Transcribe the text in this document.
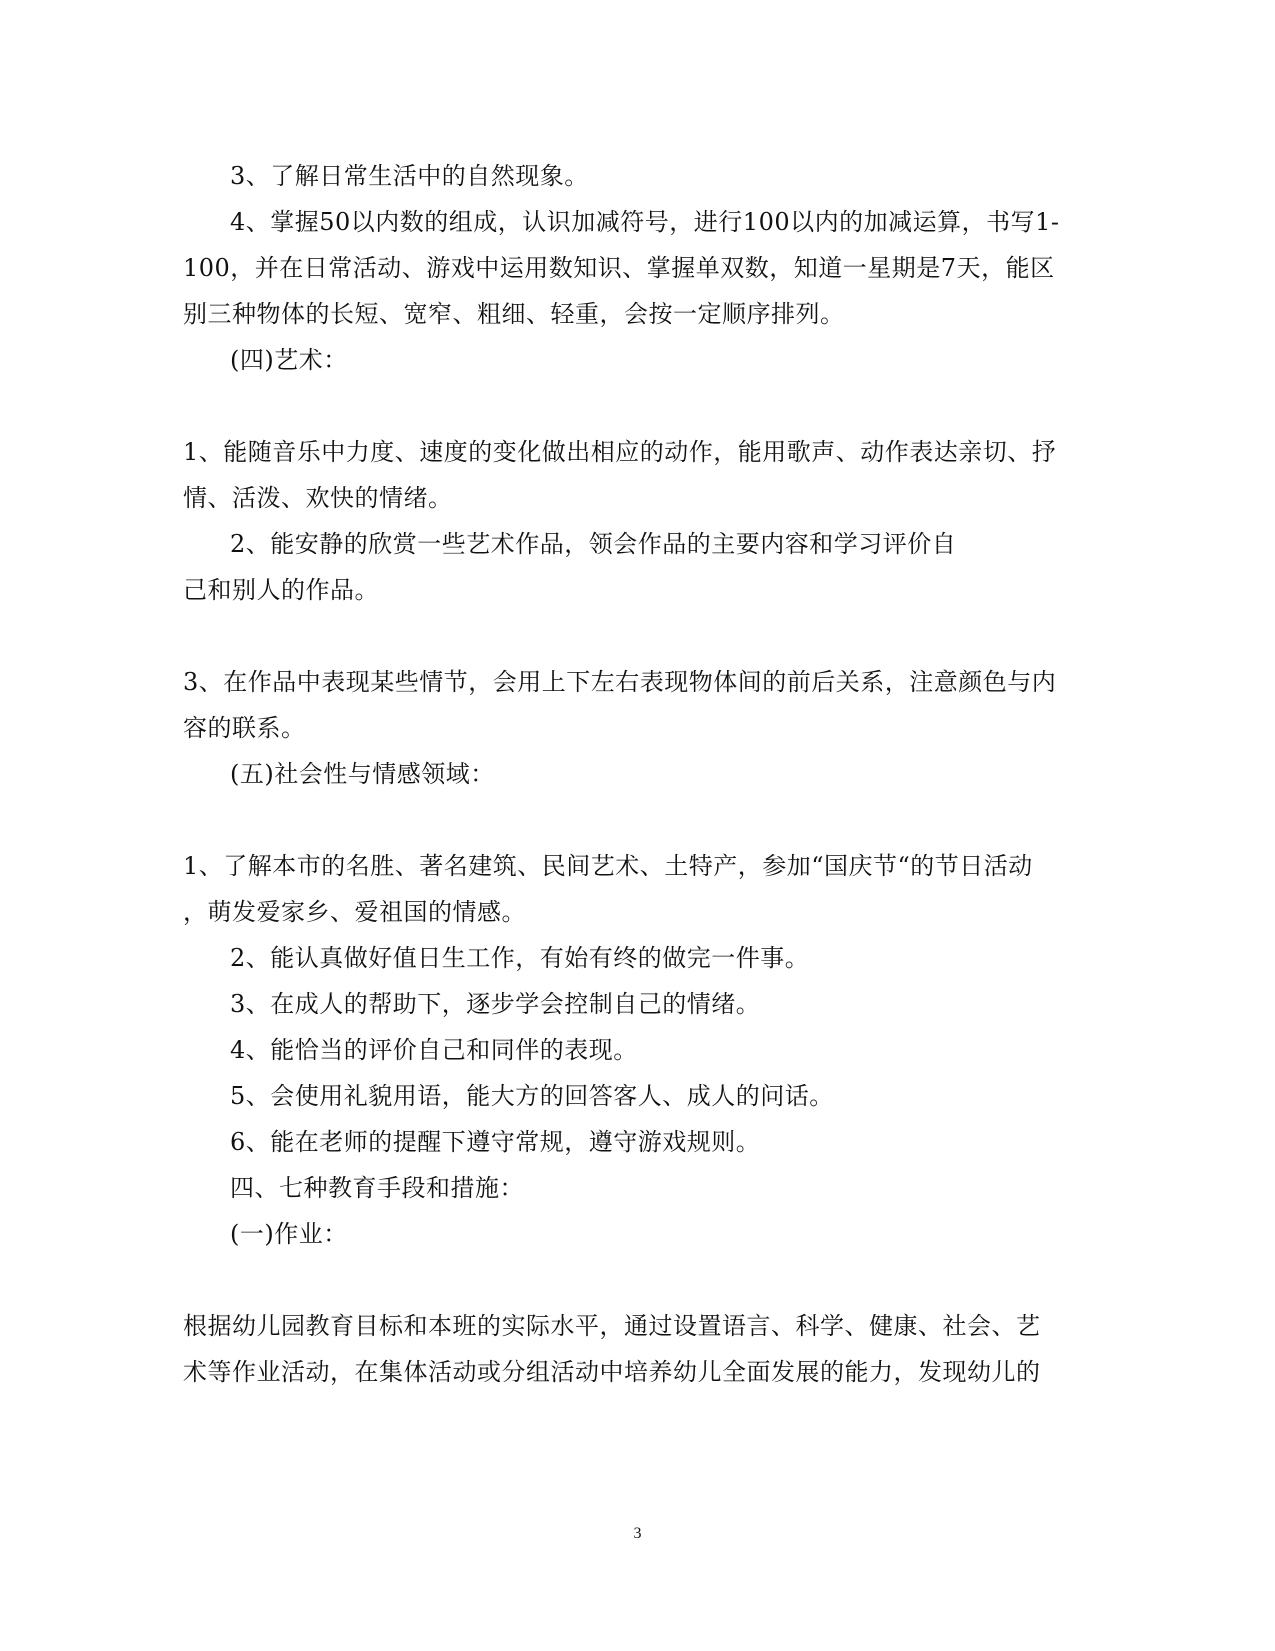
3、了解日常生活中的自然现象。
4、掌握50以内数的组成，认识加减符号，进行100以内的加减运算，书写1-
100，并在日常活动、游戏中运用数知识、掌握单双数，知道一星期是7天，能区
别三种物体的长短、宽窄、粗细、轻重，会按一定顺序排列。
(四)艺术：
1、能随音乐中力度、速度的变化做出相应的动作，能用歌声、动作表达亲切、抒
情、活泼、欢快的情绪。
2、能安静的欣赏一些艺术作品，领会作品的主要内容和学习评价自
己和别人的作品。
3、在作品中表现某些情节，会用上下左右表现物体间的前后关系，注意颜色与内
容的联系。
(五)社会性与情感领域：
1、了解本市的名胜、著名建筑、民间艺术、土特产，参加“国庆节“的节日活动
，萌发爱家乡、爱祖国的情感。
2、能认真做好值日生工作，有始有终的做完一件事。
3、在成人的帮助下，逐步学会控制自己的情绪。
4、能恰当的评价自己和同伴的表现。
5、会使用礼貌用语，能大方的回答客人、成人的问话。
6、能在老师的提醒下遵守常规，遵守游戏规则。
四、七种教育手段和措施：
(一)作业：
根据幼儿园教育目标和本班的实际水平，通过设置语言、科学、健康、社会、艺
术等作业活动，在集体活动或分组活动中培养幼儿全面发展的能力，发现幼儿的
3
